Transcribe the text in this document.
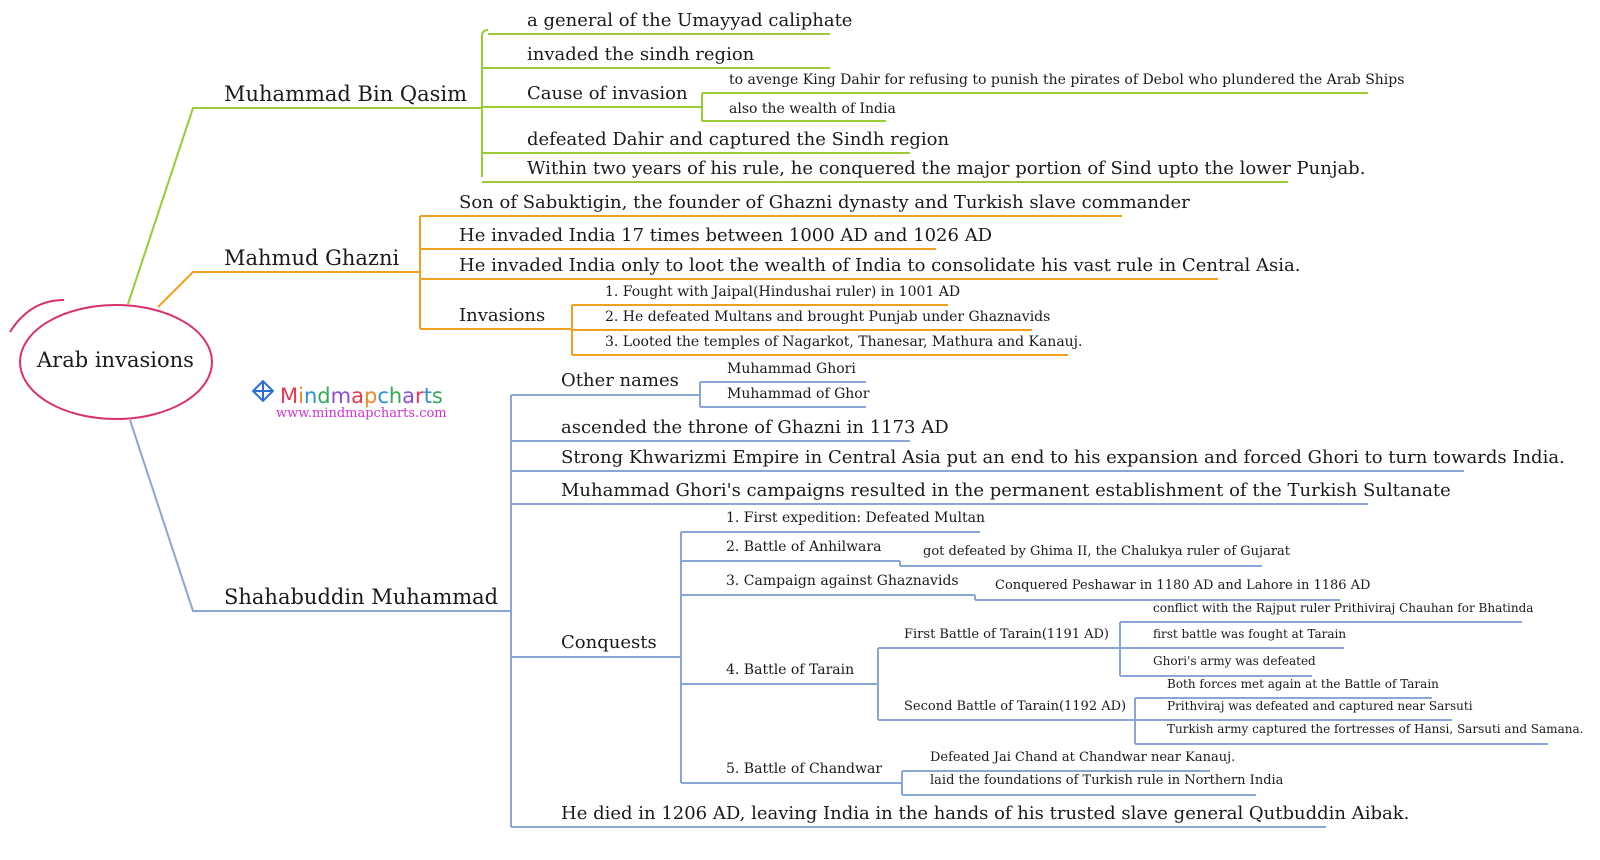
Arab invasions
Mindmapcharts
www.mindmapcharts.com
Muhammad Bin Qasim
a general of the Umayyad caliphate
invaded the sindh region
Cause of invasion
defeated Dahir and captured the Sindh region
Within two years of his rule, he conquered the major portion of Sind upto the lower Punjab.
to avenge King Dahir for refusing to punish the pirates of Debol who plundered the Arab Ships
also the wealth of India
Mahmud Ghazni
Son of Sabuktigin, the founder of Ghazni dynasty and Turkish slave commander
He invaded India 17 times between 1000 AD and 1026 AD
He invaded India only to loot the wealth of India to consolidate his vast rule in Central Asia.
Invasions
1. Fought with Jaipal(Hindushai ruler) in 1001 AD
2. He defeated Multans and brought Punjab under Ghaznavids
3. Looted the temples of Nagarkot, Thanesar, Mathura and Kanauj.
Shahabuddin Muhammad
Other names
Muhammad Ghori
Muhammad of Ghor
ascended the throne of Ghazni in 1173 AD
Strong Khwarizmi Empire in Central Asia put an end to his expansion and forced Ghori to turn towards India.
Muhammad Ghori's campaigns resulted in the permanent establishment of the Turkish Sultanate
Conquests
He died in 1206 AD, leaving India in the hands of his trusted slave general Qutbuddin Aibak.
1. First expedition: Defeated Multan
2. Battle of Anhilwara
3. Campaign against Ghaznavids
4. Battle of Tarain
5. Battle of Chandwar
got defeated by Ghima II, the Chalukya ruler of Gujarat
Conquered Peshawar in 1180 AD and Lahore in 1186 AD
First Battle of Tarain(1191 AD)
conflict with the Rajput ruler Prithiviraj Chauhan for Bhatinda
first battle was fought at Tarain
Ghori's army was defeated
Second Battle of Tarain(1192 AD)
Both forces met again at the Battle of Tarain
Prithviraj was defeated and captured near Sarsuti
Turkish army captured the fortresses of Hansi, Sarsuti and Samana.
Defeated Jai Chand at Chandwar near Kanauj.
laid the foundations of Turkish rule in Northern India
